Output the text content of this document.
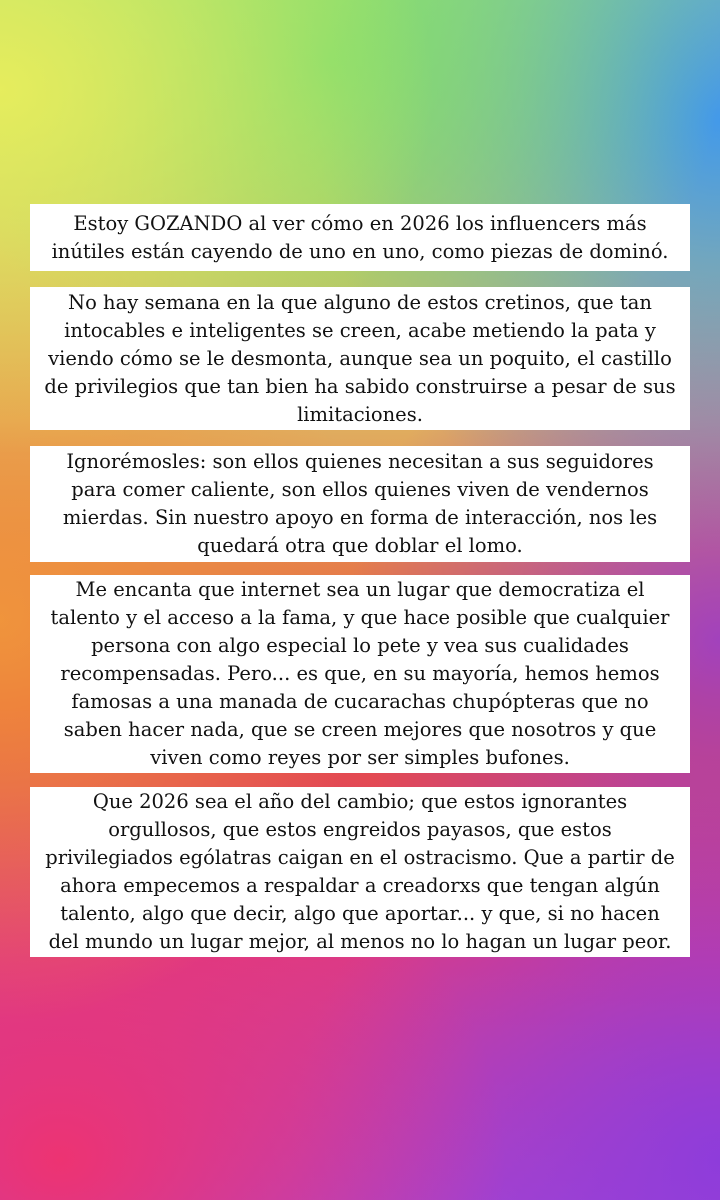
Estoy GOZANDO al ver cómo en 2026 los influencers más inútiles están cayendo de uno en uno, como piezas de dominó.

No hay semana en la que alguno de estos cretinos, que tan intocables e inteligentes se creen, acabe metiendo la pata y viendo cómo se le desmonta, aunque sea un poquito, el castillo de privilegios que tan bien ha sabido construirse a pesar de sus limitaciones.

Ignorémosles: son ellos quienes necesitan a sus seguidores para comer caliente, son ellos quienes viven de vendernos mierdas. Sin nuestro apoyo en forma de interacción, nos les quedará otra que doblar el lomo.

Me encanta que internet sea un lugar que democratiza el talento y el acceso a la fama, y que hace posible que cualquier persona con algo especial lo pete y vea sus cualidades recompensadas. Pero... es que, en su mayoría, hemos hemos famosas a una manada de cucarachas chupópteras que no saben hacer nada, que se creen mejores que nosotros y que viven como reyes por ser simples bufones.

Que 2026 sea el año del cambio; que estos ignorantes orgullosos, que estos engreidos payasos, que estos privilegiados ególatras caigan en el ostracismo. Que a partir de ahora empecemos a respaldar a creadorxs que tengan algún talento, algo que decir, algo que aportar... y que, si no hacen del mundo un lugar mejor, al menos no lo hagan un lugar peor.
